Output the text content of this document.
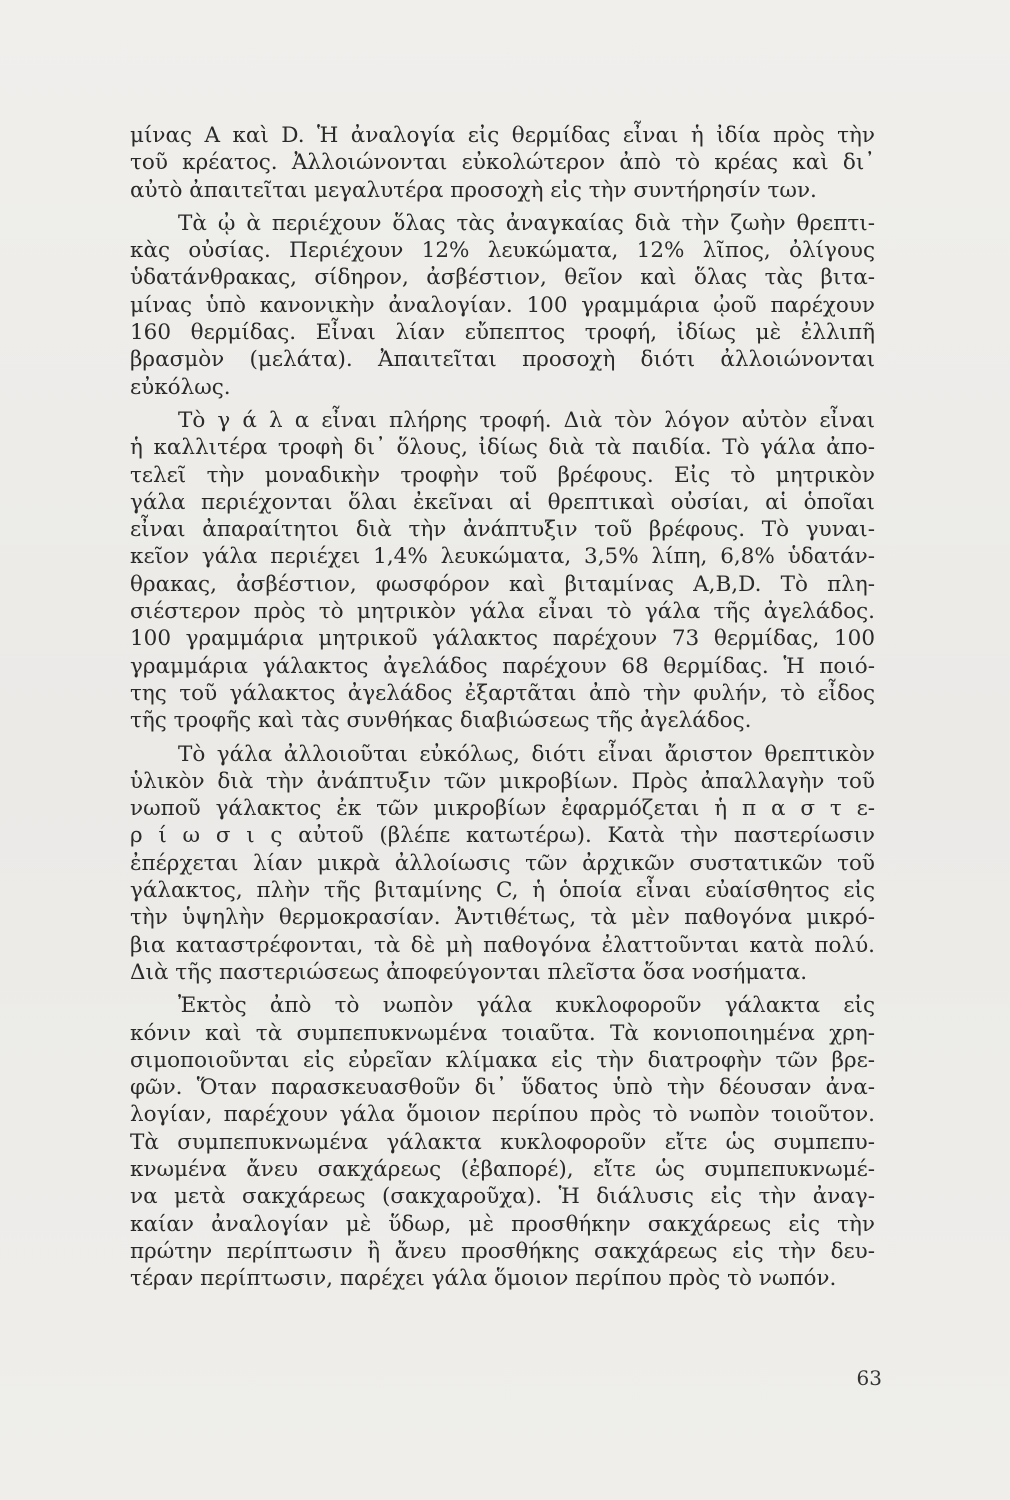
μίνας A καὶ D. Ἡ ἀναλογία εἰς θερμίδας εἶναι ἡ ἰδία πρὸς τὴν
τοῦ κρέατος. Ἀλλοιώνονται εὐκολώτερον ἀπὸ τὸ κρέας καὶ δι᾿
αὐτὸ ἀπαιτεῖται μεγαλυτέρα προσοχὴ εἰς τὴν συντήρησίν των.
Τὰ ᾠ ὰ περιέχουν ὅλας τὰς ἀναγκαίας διὰ τὴν ζωὴν θρεπτι-
κὰς οὐσίας. Περιέχουν 12% λευκώματα, 12% λῖπος, ὀλίγους
ὑδατάνθρακας, σίδηρον, ἀσβέστιον, θεῖον καὶ ὅλας τὰς βιτα-
μίνας ὑπὸ κανονικὴν ἀναλογίαν. 100 γραμμάρια ᾠοῦ παρέχουν
160 θερμίδας. Εἶναι λίαν εὔπεπτος τροφή, ἰδίως μὲ ἐλλιπῆ
βρασμὸν (μελάτα). Ἀπαιτεῖται προσοχὴ διότι ἀλλοιώνονται
εὐκόλως.
Τὸ γ ά λ α εἶναι πλήρης τροφή. Διὰ τὸν λόγον αὐτὸν εἶναι
ἡ καλλιτέρα τροφὴ δι᾿ ὅλους, ἰδίως διὰ τὰ παιδία. Τὸ γάλα ἀπο-
τελεῖ τὴν μοναδικὴν τροφὴν τοῦ βρέφους. Εἰς τὸ μητρικὸν
γάλα περιέχονται ὅλαι ἐκεῖναι αἱ θρεπτικαὶ οὐσίαι, αἱ ὁποῖαι
εἶναι ἀπαραίτητοι διὰ τὴν ἀνάπτυξιν τοῦ βρέφους. Τὸ γυναι-
κεῖον γάλα περιέχει 1,4% λευκώματα, 3,5% λίπη, 6,8% ὑδατάν-
θρακας, ἀσβέστιον, φωσφόρον καὶ βιταμίνας A,B,D. Τὸ πλη-
σιέστερον πρὸς τὸ μητρικὸν γάλα εἶναι τὸ γάλα τῆς ἀγελάδος.
100 γραμμάρια μητρικοῦ γάλακτος παρέχουν 73 θερμίδας, 100
γραμμάρια γάλακτος ἀγελάδος παρέχουν 68 θερμίδας. Ἡ ποιό-
της τοῦ γάλακτος ἀγελάδος ἐξαρτᾶται ἀπὸ τὴν φυλήν, τὸ εἶδος
τῆς τροφῆς καὶ τὰς συνθήκας διαβιώσεως τῆς ἀγελάδος.
Τὸ γάλα ἀλλοιοῦται εὐκόλως, διότι εἶναι ἄριστον θρεπτικὸν
ὑλικὸν διὰ τὴν ἀνάπτυξιν τῶν μικροβίων. Πρὸς ἀπαλλαγὴν τοῦ
νωποῦ γάλακτος ἐκ τῶν μικροβίων ἐφαρμόζεται ἡ π α σ τ ε-
ρ ί ω σ ι ς αὐτοῦ (βλέπε κατωτέρω). Κατὰ τὴν παστερίωσιν
ἐπέρχεται λίαν μικρὰ ἀλλοίωσις τῶν ἀρχικῶν συστατικῶν τοῦ
γάλακτος, πλὴν τῆς βιταμίνης C, ἡ ὁποία εἶναι εὐαίσθητος εἰς
τὴν ὑψηλὴν θερμοκρασίαν. Ἀντιθέτως, τὰ μὲν παθογόνα μικρό-
βια καταστρέφονται, τὰ δὲ μὴ παθογόνα ἐλαττοῦνται κατὰ πολύ.
Διὰ τῆς παστεριώσεως ἀποφεύγονται πλεῖστα ὅσα νοσήματα.
Ἐκτὸς ἀπὸ τὸ νωπὸν γάλα κυκλοφοροῦν γάλακτα εἰς
κόνιν καὶ τὰ συμπεπυκνωμένα τοιαῦτα. Τὰ κονιοποιημένα χρη-
σιμοποιοῦνται εἰς εὐρεῖαν κλίμακα εἰς τὴν διατροφὴν τῶν βρε-
φῶν. Ὅταν παρασκευασθοῦν δι᾿ ὕδατος ὑπὸ τὴν δέουσαν ἀνα-
λογίαν, παρέχουν γάλα ὅμοιον περίπου πρὸς τὸ νωπὸν τοιοῦτον.
Τὰ συμπεπυκνωμένα γάλακτα κυκλοφοροῦν εἴτε ὡς συμπεπυ-
κνωμένα ἄνευ σακχάρεως (ἐβαπορέ), εἴτε ὡς συμπεπυκνωμέ-
να μετὰ σακχάρεως (σακχαροῦχα). Ἡ διάλυσις εἰς τὴν ἀναγ-
καίαν ἀναλογίαν μὲ ὕδωρ, μὲ προσθήκην σακχάρεως εἰς τὴν
πρώτην περίπτωσιν ἢ ἄνευ προσθήκης σακχάρεως εἰς τὴν δευ-
τέραν περίπτωσιν, παρέχει γάλα ὅμοιον περίπου πρὸς τὸ νωπόν.
63
